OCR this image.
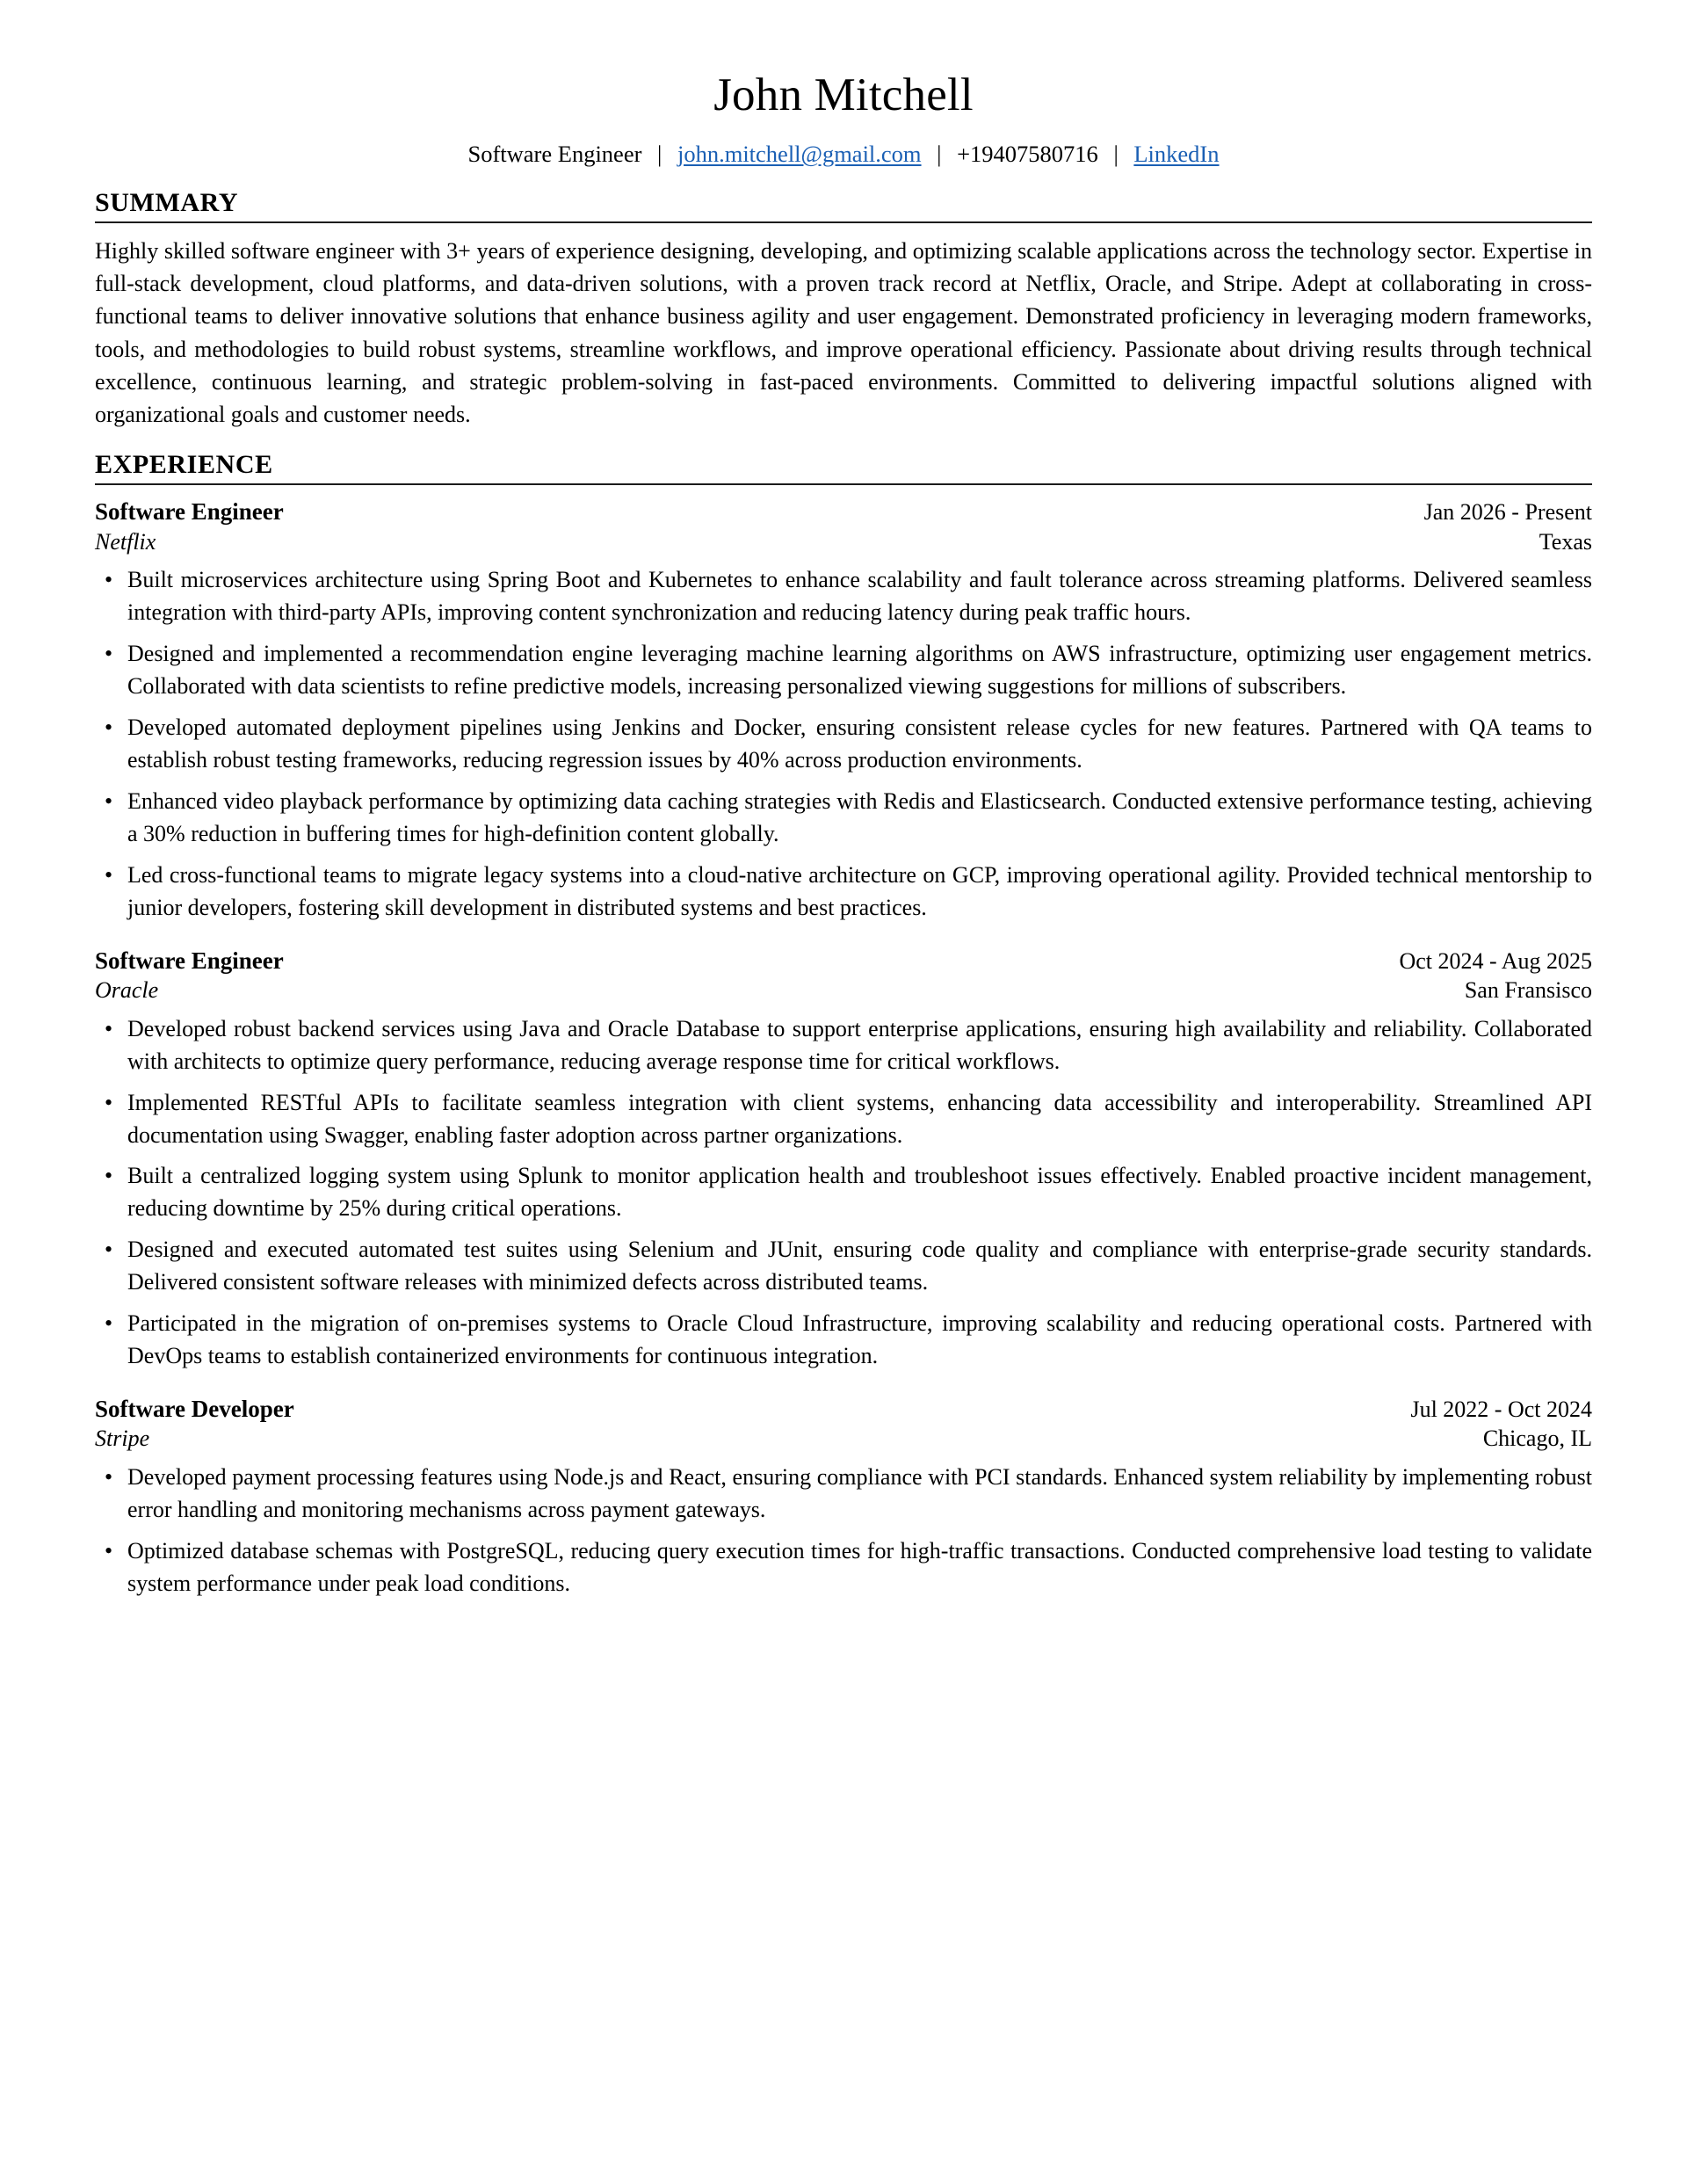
John Mitchell
Software Engineer | john.mitchell@gmail.com | +19407580716 | LinkedIn
SUMMARY

Highly skilled software engineer with 3+ years of experience designing, developing, and optimizing scalable applications across the technology sector. Expertise in full-stack development, cloud platforms, and data-driven solutions, with a proven track record at Netflix, Oracle, and Stripe. Adept at collaborating in cross-functional teams to deliver innovative solutions that enhance business agility and user engagement. Demonstrated proficiency in leveraging modern frameworks, tools, and methodologies to build robust systems, streamline workflows, and improve operational efficiency. Passionate about driving results through technical excellence, continuous learning, and strategic problem-solving in fast-paced environments. Committed to delivering impactful solutions aligned with organizational goals and customer needs.

EXPERIENCE
Software Engineer	Jan 2026 - Present
Netflix	Texas
• Built microservices architecture using Spring Boot and Kubernetes to enhance scalability and fault tolerance across streaming platforms. Delivered seamless integration with third-party APIs, improving content synchronization and reducing latency during peak traffic hours.
• Designed and implemented a recommendation engine leveraging machine learning algorithms on AWS infrastructure, optimizing user engagement metrics. Collaborated with data scientists to refine predictive models, increasing personalized viewing suggestions for millions of subscribers.
• Developed automated deployment pipelines using Jenkins and Docker, ensuring consistent release cycles for new features. Partnered with QA teams to establish robust testing frameworks, reducing regression issues by 40% across production environments.
• Enhanced video playback performance by optimizing data caching strategies with Redis and Elasticsearch. Conducted extensive performance testing, achieving a 30% reduction in buffering times for high-definition content globally.
• Led cross-functional teams to migrate legacy systems into a cloud-native architecture on GCP, improving operational agility. Provided technical mentorship to junior developers, fostering skill development in distributed systems and best practices.
Software Engineer	Oct 2024 - Aug 2025
Oracle	San Fransisco
• Developed robust backend services using Java and Oracle Database to support enterprise applications, ensuring high availability and reliability. Collaborated with architects to optimize query performance, reducing average response time for critical workflows.
• Implemented RESTful APIs to facilitate seamless integration with client systems, enhancing data accessibility and interoperability. Streamlined API documentation using Swagger, enabling faster adoption across partner organizations.
• Built a centralized logging system using Splunk to monitor application health and troubleshoot issues effectively. Enabled proactive incident management, reducing downtime by 25% during critical operations.
• Designed and executed automated test suites using Selenium and JUnit, ensuring code quality and compliance with enterprise-grade security standards. Delivered consistent software releases with minimized defects across distributed teams.
• Participated in the migration of on-premises systems to Oracle Cloud Infrastructure, improving scalability and reducing operational costs. Partnered with DevOps teams to establish containerized environments for continuous integration.
Software Developer	Jul 2022 - Oct 2024
Stripe	Chicago, IL
• Developed payment processing features using Node.js and React, ensuring compliance with PCI standards. Enhanced system reliability by implementing robust error handling and monitoring mechanisms across payment gateways.
• Optimized database schemas with PostgreSQL, reducing query execution times for high-traffic transactions. Conducted comprehensive load testing to validate system performance under peak load conditions.
